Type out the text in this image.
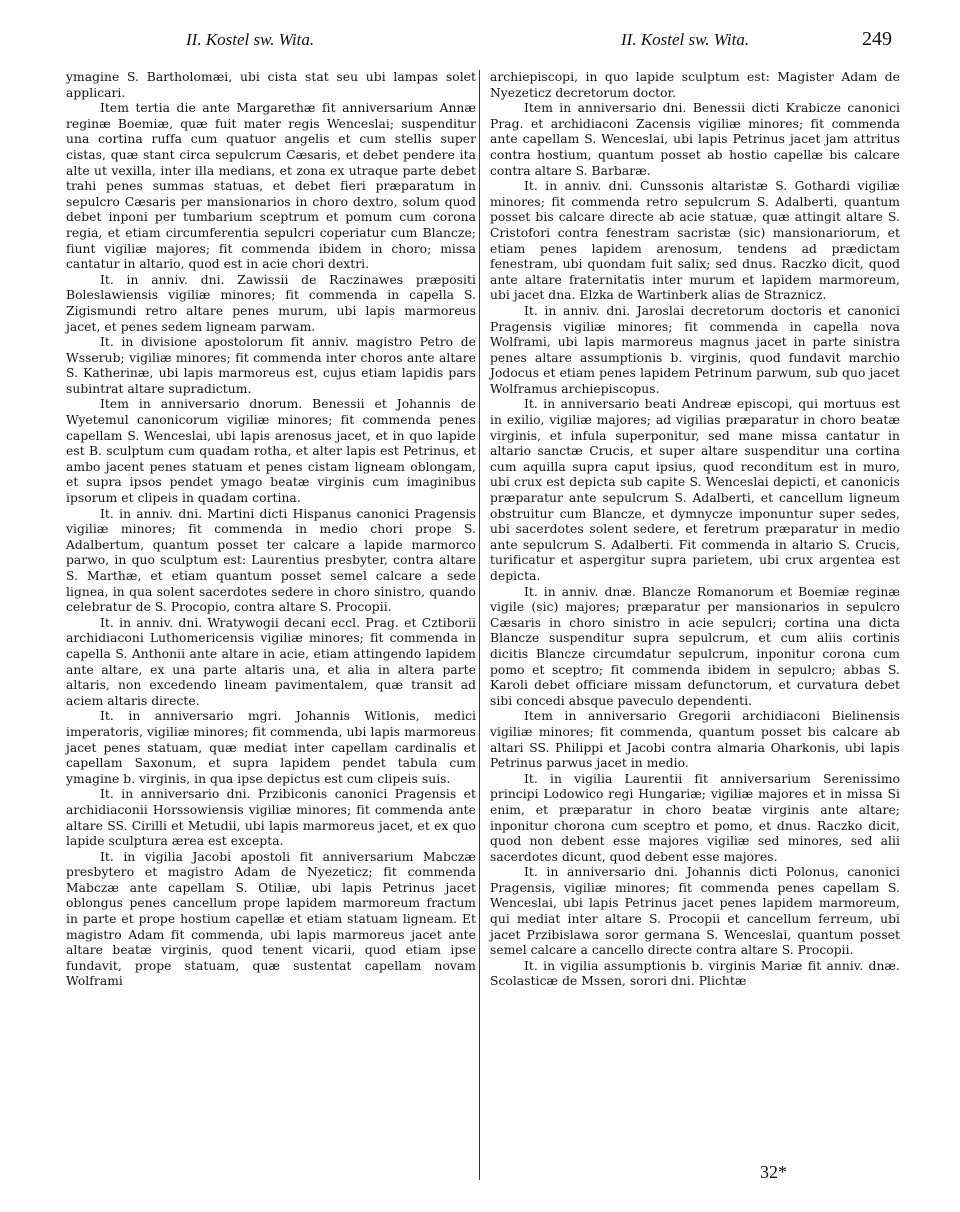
II. Kostel sw. Wita.	II. Kostel sw. Wita.	249

ymagine S. Bartholomæi, ubi cista stat seu ubi lampas solet applicari.

Item tertia die ante Margarethæ fit anniversarium Annæ reginæ Boemiæ, quæ fuit mater regis Wenceslai; suspenditur una cortina ruffa cum quatuor angelis et cum stellis super cistas, quæ stant circa sepulcrum Cæsaris, et debet pendere ita alte ut vexilla, inter illa medians, et zona ex utraque parte debet trahi penes summas statuas, et debet fieri præparatum in sepulcro Cæsaris per mansionarios in choro dextro, solum quod debet inponi per tumbarium sceptrum et pomum cum corona regia, et etiam circumferentia sepulcri coperiatur cum Blancze; fiunt vigiliæ majores; fit commenda ibidem in choro; missa cantatur in altario, quod est in acie chori dextri.

It. in anniv. dni. Zawissii de Raczinawes præpositi Boleslawiensis vigiliæ minores; fit commenda in capella S. Zigismundi retro altare penes murum, ubi lapis marmoreus jacet, et penes sedem ligneam parwam.

It. in divisione apostolorum fit anniv. magistro Petro de Wsserub; vigiliæ minores; fit commenda inter choros ante altare S. Katherinæ, ubi lapis marmoreus est, cujus etiam lapidis pars subintrat altare supradictum.

Item in anniversario dnorum. Benessii et Johannis de Wyetemul canonicorum vigiliæ minores; fit commenda penes capellam S. Wenceslai, ubi lapis arenosus jacet, et in quo lapide est B. sculptum cum quadam rotha, et alter lapis est Petrinus, et ambo jacent penes statuam et penes cistam ligneam oblongam, et supra ipsos pendet ymago beatæ virginis cum imaginibus ipsorum et clipeis in quadam cortina.

It. in anniv. dni. Martini dicti Hispanus canonici Pragensis vigiliæ minores; fit commenda in medio chori prope S. Adalbertum, quantum posset ter calcare a lapide marmorco parwo, in quo sculptum est: Laurentius presbyter, contra altare S. Marthæ, et etiam quantum posset semel calcare a sede lignea, in qua solent sacerdotes sedere in choro sinistro, quando celebratur de S. Procopio, contra altare S. Procopii.

It. in anniv. dni. Wratywogii decani eccl. Prag. et Cztiborii archidiaconi Luthomericensis vigiliæ minores; fit commenda in capella S. Anthonii ante altare in acie, etiam attingendo lapidem ante altare, ex una parte altaris una, et alia in altera parte altaris, non excedendo lineam pavimentalem, quæ transit ad aciem altaris directe.

It. in anniversario mgri. Johannis Witlonis, medici imperatoris, vigiliæ minores; fit commenda, ubi lapis marmoreus jacet penes statuam, quæ mediat inter capellam cardinalis et capellam Saxonum, et supra lapidem pendet tabula cum ymagine b. virginis, in qua ipse depictus est cum clipeis suis.

It. in anniversario dni. Przibiconis canonici Pragensis et archidiaconii Horssowiensis vigiliæ minores; fit commenda ante altare SS. Cirilli et Metudii, ubi lapis marmoreus jacet, et ex quo lapide sculptura ærea est excepta.

It. in vigilia Jacobi apostoli fit anniversarium Mabczæ presbytero et magistro Adam de Nyezeticz; fit commenda Mabczæ ante capellam S. Otiliæ, ubi lapis Petrinus jacet oblongus penes cancellum prope lapidem marmoreum fractum in parte et prope hostium capellæ et etiam statuam ligneam. Et magistro Adam fit commenda, ubi lapis marmoreus jacet ante altare beatæ virginis, quod tenent vicarii, quod etiam ipse fundavit, prope statuam, quæ sustentat capellam novam Wolframi

archiepiscopi, in quo lapide sculptum est: Magister Adam de Nyezeticz decretorum doctor.

Item in anniversario dni. Benessii dicti Krabicze canonici Prag. et archidiaconi Zacensis vigiliæ minores; fit commenda ante capellam S. Wenceslai, ubi lapis Petrinus jacet jam attritus contra hostium, quantum posset ab hostio capellæ bis calcare contra altare S. Barbaræ.

It. in anniv. dni. Cunssonis altaristæ S. Gothardi vigiliæ minores; fit commenda retro sepulcrum S. Adalberti, quantum posset bis calcare directe ab acie statuæ, quæ attingit altare S. Cristofori contra fenestram sacristæ (sic) mansionariorum, et etiam penes lapidem arenosum, tendens ad prædictam fenestram, ubi quondam fuit salix; sed dnus. Raczko dicit, quod ante altare fraternitatis inter murum et lapidem marmoreum, ubi jacet dna. Elzka de Wartinberk alias de Straznicz.

It. in anniv. dni. Jaroslai decretorum doctoris et canonici Pragensis vigiliæ minores; fit commenda in capella nova Wolframi, ubi lapis marmoreus magnus jacet in parte sinistra penes altare assumptionis b. virginis, quod fundavit marchio Jodocus et etiam penes lapidem Petrinum parwum, sub quo jacet Wolframus archiepiscopus.

It. in anniversario beati Andreæ episcopi, qui mortuus est in exilio, vigiliæ majores; ad vigilias præparatur in choro beatæ virginis, et infula superponitur, sed mane missa cantatur in altario sanctæ Crucis, et super altare suspenditur una cortina cum aquilla supra caput ipsius, quod reconditum est in muro, ubi crux est depicta sub capite S. Wenceslai depicti, et canonicis præparatur ante sepulcrum S. Adalberti, et cancellum ligneum obstruitur cum Blancze, et dymnycze imponuntur super sedes, ubi sacerdotes solent sedere, et feretrum præparatur in medio ante sepulcrum S. Adalberti. Fit commenda in altario S. Crucis, turificatur et aspergitur supra parietem, ubi crux argentea est depicta.

It. in anniv. dnæ. Blancze Romanorum et Boemiæ reginæ vigile (sic) majores; præparatur per mansionarios in sepulcro Cæsaris in choro sinistro in acie sepulcri; cortina una dicta Blancze suspenditur supra sepulcrum, et cum aliis cortinis dicitis Blancze circumdatur sepulcrum, inponitur corona cum pomo et sceptro; fit commenda ibidem in sepulcro; abbas S. Karoli debet officiare missam defunctorum, et curvatura debet sibi concedi absque paveculo dependenti.

Item in anniversario Gregorii archidiaconi Bielinensis vigiliæ minores; fit commenda, quantum posset bis calcare ab altari SS. Philippi et Jacobi contra almaria Oharkonis, ubi lapis Petrinus parwus jacet in medio.

It. in vigilia Laurentii fit anniversarium Serenissimo principi Lodowico regi Hungariæ; vigiliæ majores et in missa Si enim, et præparatur in choro beatæ virginis ante altare; inponitur chorona cum sceptro et pomo, et dnus. Raczko dicit, quod non debent esse majores vigiliæ sed minores, sed alii sacerdotes dicunt, quod debent esse majores.

It. in anniversario dni. Johannis dicti Polonus, canonici Pragensis, vigiliæ minores; fit commenda penes capellam S. Wenceslai, ubi lapis Petrinus jacet penes lapidem marmoreum, qui mediat inter altare S. Procopii et cancellum ferreum, ubi jacet Przibislawa soror germana S. Wenceslai, quantum posset semel calcare a cancello directe contra altare S. Procopii.

It. in vigilia assumptionis b. virginis Mariæ fit anniv. dnæ. Scolasticæ de Mssen, sorori dni. Plichtæ

32*
